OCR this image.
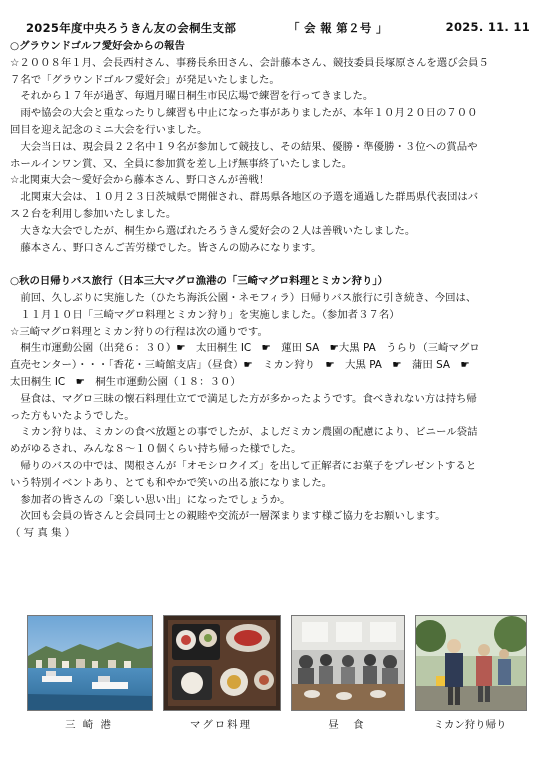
2025年度中央ろうきん友の会桐生支部	「 会 報 第２号 」	2025. 11. 11

○グラウンドゴルフ愛好会からの報告

☆２００８年１月、会長西村さん、事務長糸田さん、会計藤本さん、競技委員長塚原さんを選び会員５

７名で「グラウンドゴルフ愛好会」が発足いたしました。

　それから１７年が過ぎ、毎週月曜日桐生市民広場で練習を行ってきました。

　雨や協会の大会と重なったりし練習も中止になった事がありましたが、本年１０月２０日の７００

回目を迎え記念のミニ大会を行いました。

　大会当日は、現会員２２名中１９名が参加して競技し、その結果、優勝・準優勝・３位への賞品や

ホールインワン賞、又、全員に参加賞を差し上げ無事終了いたしました。

☆北関東大会～愛好会から藤本さん、野口さんが善戦！

　北関東大会は、１０月２３日茨城県で開催され、群馬県各地区の予選を通過した群馬県代表団はバ

ス２台を利用し参加いたしました。

　大きな大会でしたが、桐生から選ばれたろうきん愛好会の２人は善戦いたしました。

　藤本さん、野口さんご苦労様でした。皆さんの励みになります。

○秋の日帰りバス旅行（日本三大マグロ漁港の「三崎マグロ料理とミカン狩り」）

　前回、久しぶりに実施した（ひたち海浜公園・ネモフィラ）日帰りバス旅行に引き続き、今回は、

　１１月１０日「三崎マグロ料理とミカン狩り」を実施しました。（参加者３７名）

☆三崎マグロ料理とミカン狩りの行程は次の通りです。

　桐生市運動公園（出発６：３０）☛　太田桐生 IC　☛　蓮田 SA　☛大黒 PA　うらり（三崎マグロ

直売センター）・・・「香花・三崎館支店」（昼食）☛　ミカン狩り　☛　大黒 PA　☛　蒲田 SA　☛

太田桐生 IC　☛　桐生市運動公園（１８：３０）

　昼食は、マグロ三昧の懐石料理仕立てで満足した方が多かったようです。食べきれない方は持ち帰

った方もいたようでした。

　ミカン狩りは、ミカンの食べ放題との事でしたが、よしだミカン農園の配慮により、ビニール袋詰

めがゆるされ、みんな８～１０個くらい持ち帰った様でした。

　帰りのバスの中では、関根さんが「オモシロクイズ」を出して正解者にお菓子をプレゼントすると

いう特別イベントあり、とても和やかで笑いの出る旅になりました。

　参加者の皆さんの「楽しい思い出」になったでしょうか。

　次回も会員の皆さんと会員同士との親睦や交流が一層深まります様ご協力をお願いします。

（ 写 真 集 ）

三 崎 港	マグロ料理	昼　食	ミカン狩り帰り
